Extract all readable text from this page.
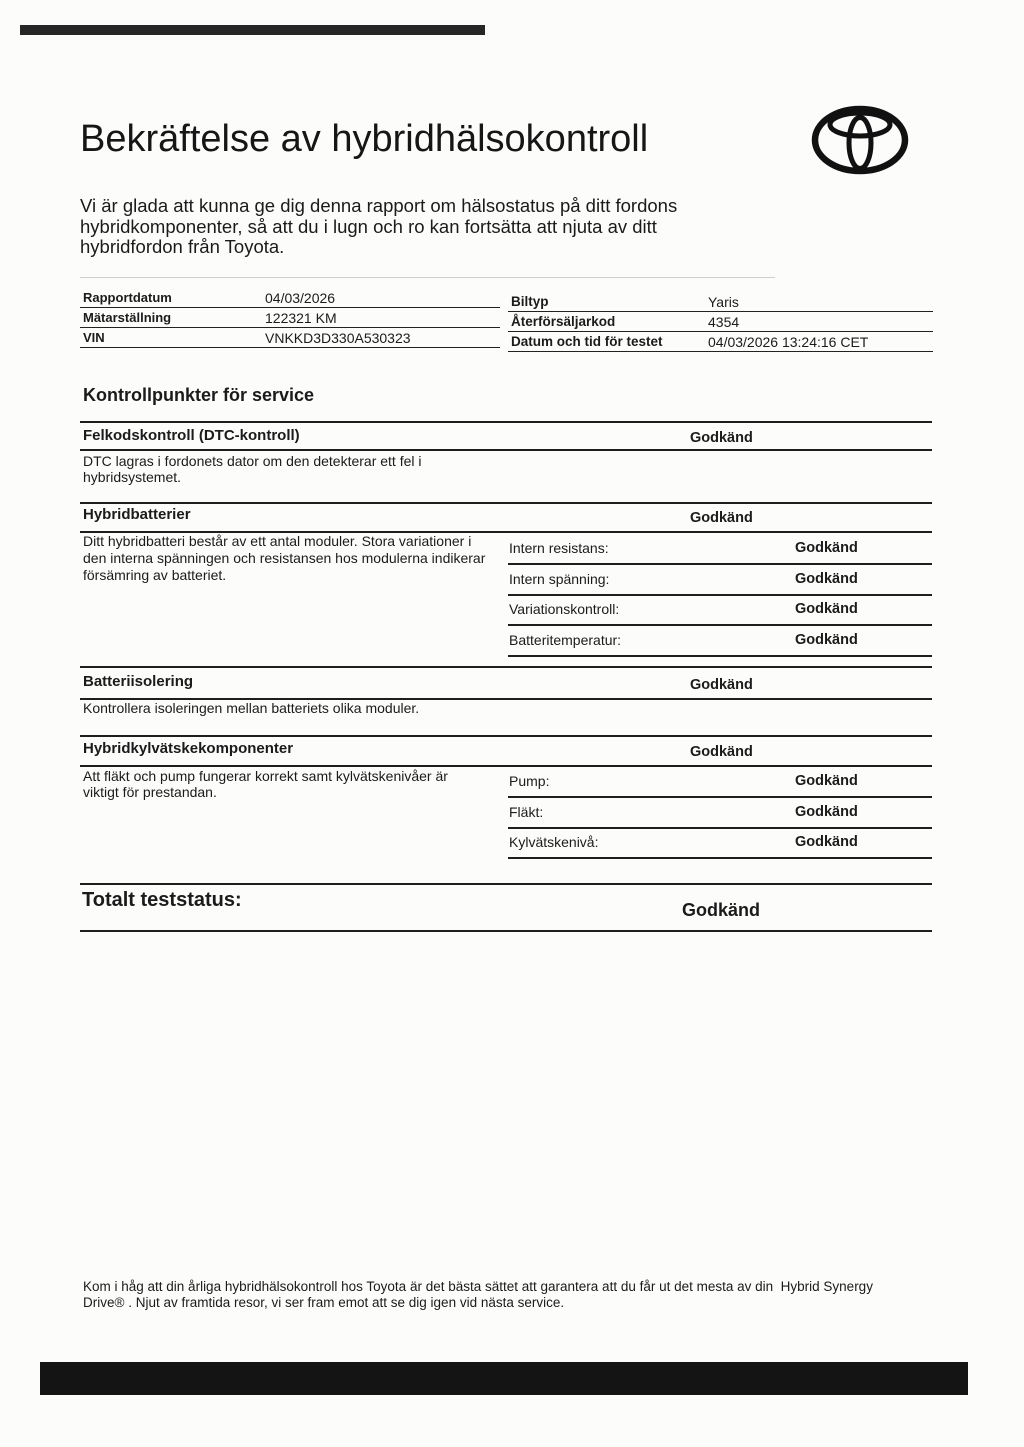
Bekräftelse av hybridhälsokontroll
Vi är glada att kunna ge dig denna rapport om hälsostatus på ditt fordons
hybridkomponenter, så att du i lugn och ro kan fortsätta att njuta av ditt
hybridfordon från Toyota.
Rapportdatum	04/03/2026
Mätarställning	122321 KM
VIN	VNKKD3D330A530323
Biltyp	Yaris
Återförsäljarkod	4354
Datum och tid för testet	04/03/2026 13:24:16 CET
Kontrollpunkter för service
Felkodskontroll (DTC-kontroll)	Godkänd
DTC lagras i fordonets dator om den detekterar ett fel i
hybridsystemet.
Hybridbatterier	Godkänd
Ditt hybridbatteri består av ett antal moduler. Stora variationer i
den interna spänningen och resistansen hos modulerna indikerar
försämring av batteriet.
Intern resistans:	Godkänd
Intern spänning:	Godkänd
Variationskontroll:	Godkänd
Batteritemperatur:	Godkänd
Batteriisolering	Godkänd
Kontrollera isoleringen mellan batteriets olika moduler.
Hybridkylvätskekomponenter	Godkänd
Att fläkt och pump fungerar korrekt samt kylvätskenivåer är
viktigt för prestandan.
Pump:	Godkänd
Fläkt:	Godkänd
Kylvätskenivå:	Godkänd
Totalt teststatus:	Godkänd
Kom i håg att din årliga hybridhälsokontroll hos Toyota är det bästa sättet att garantera att du får ut det mesta av din  Hybrid Synergy
Drive® . Njut av framtida resor, vi ser fram emot att se dig igen vid nästa service.
